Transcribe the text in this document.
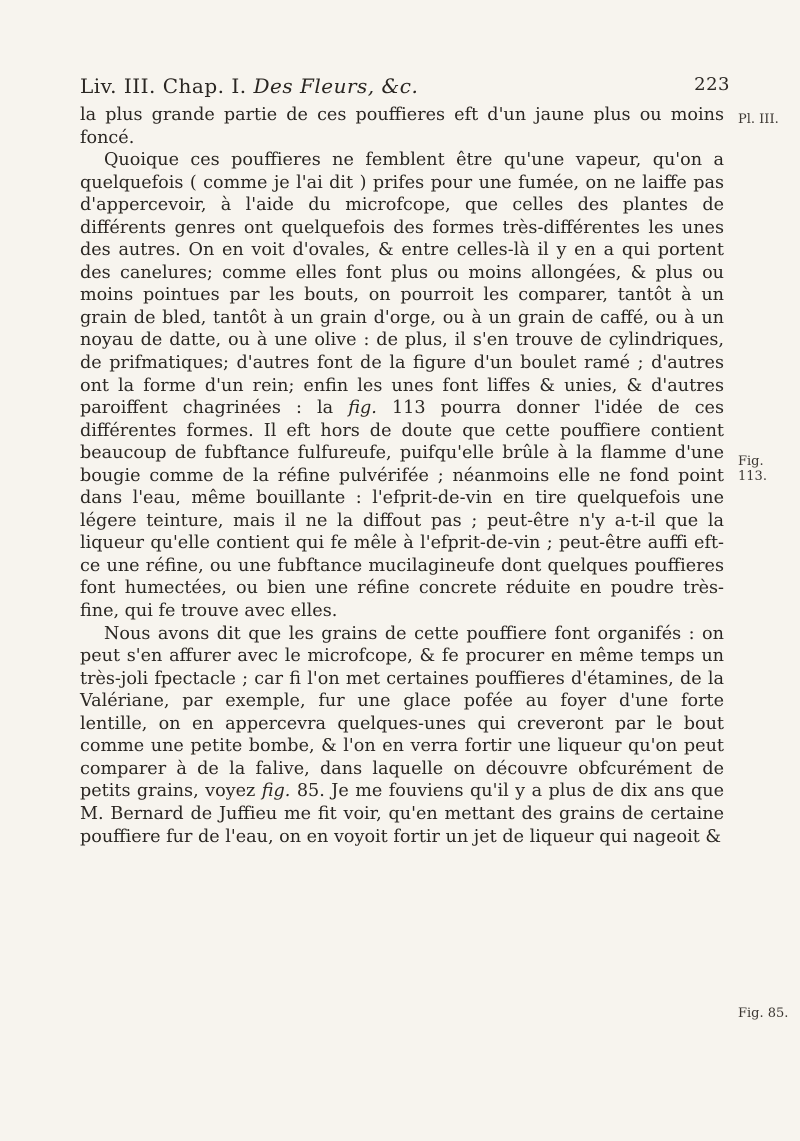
Liv. III. Chap. I. Des Fleurs, &c.	223

la plus grande partie de ces pouffieres eft d'un jaune plus ou moins foncé.

Quoique ces pouffieres ne femblent être qu'une vapeur, qu'on a quelquefois ( comme je l'ai dit ) prifes pour une fumée, on ne laiffe pas d'appercevoir, à l'aide du microfcope, que celles des plantes de différents genres ont quelquefois des formes très-différentes les unes des autres. On en voit d'ovales, & entre celles-là il y en a qui portent des canelures; comme elles font plus ou moins allongées, & plus ou moins pointues par les bouts, on pourroit les comparer, tantôt à un grain de bled, tantôt à un grain d'orge, ou à un grain de caffé, ou à un noyau de datte, ou à une olive : de plus, il s'en trouve de cylindriques, de prifmatiques; d'autres font de la figure d'un boulet ramé ; d'autres ont la forme d'un rein; enfin les unes font liffes & unies, & d'autres paroiffent chagrinées : la fig. 113 pourra donner l'idée de ces différentes formes. Il eft hors de doute que cette pouffiere contient beaucoup de fubftance fulfureufe, puifqu'elle brûle à la flamme d'une bougie comme de la réfine pulvérifée ; néanmoins elle ne fond point dans l'eau, même bouillante : l'efprit-de-vin en tire quelquefois une légere teinture, mais il ne la diffout pas ; peut-être n'y a-t-il que la liqueur qu'elle contient qui fe mêle à l'efprit-de-vin ; peut-être auffi eft-ce une réfine, ou une fubftance mucilagineufe dont quelques pouffieres font humectées, ou bien une réfine concrete réduite en poudre très-fine, qui fe trouve avec elles.

Nous avons dit que les grains de cette pouffiere font organifés : on peut s'en affurer avec le microfcope, & fe procurer en même temps un très-joli fpectacle ; car fi l'on met certaines pouffieres d'étamines, de la Valériane, par exemple, fur une glace pofée au foyer d'une forte lentille, on en appercevra quelques-unes qui creveront par le bout comme une petite bombe, & l'on en verra fortir une liqueur qu'on peut comparer à de la falive, dans laquelle on découvre obfcurément de petits grains, voyez fig. 85. Je me fouviens qu'il y a plus de dix ans que M. Bernard de Juffieu me fit voir, qu'en mettant des grains de certaine pouffiere fur de l'eau, on en voyoit fortir un jet de liqueur qui nageoit &

Pl. III.
Fig. 113.
Fig. 85.
